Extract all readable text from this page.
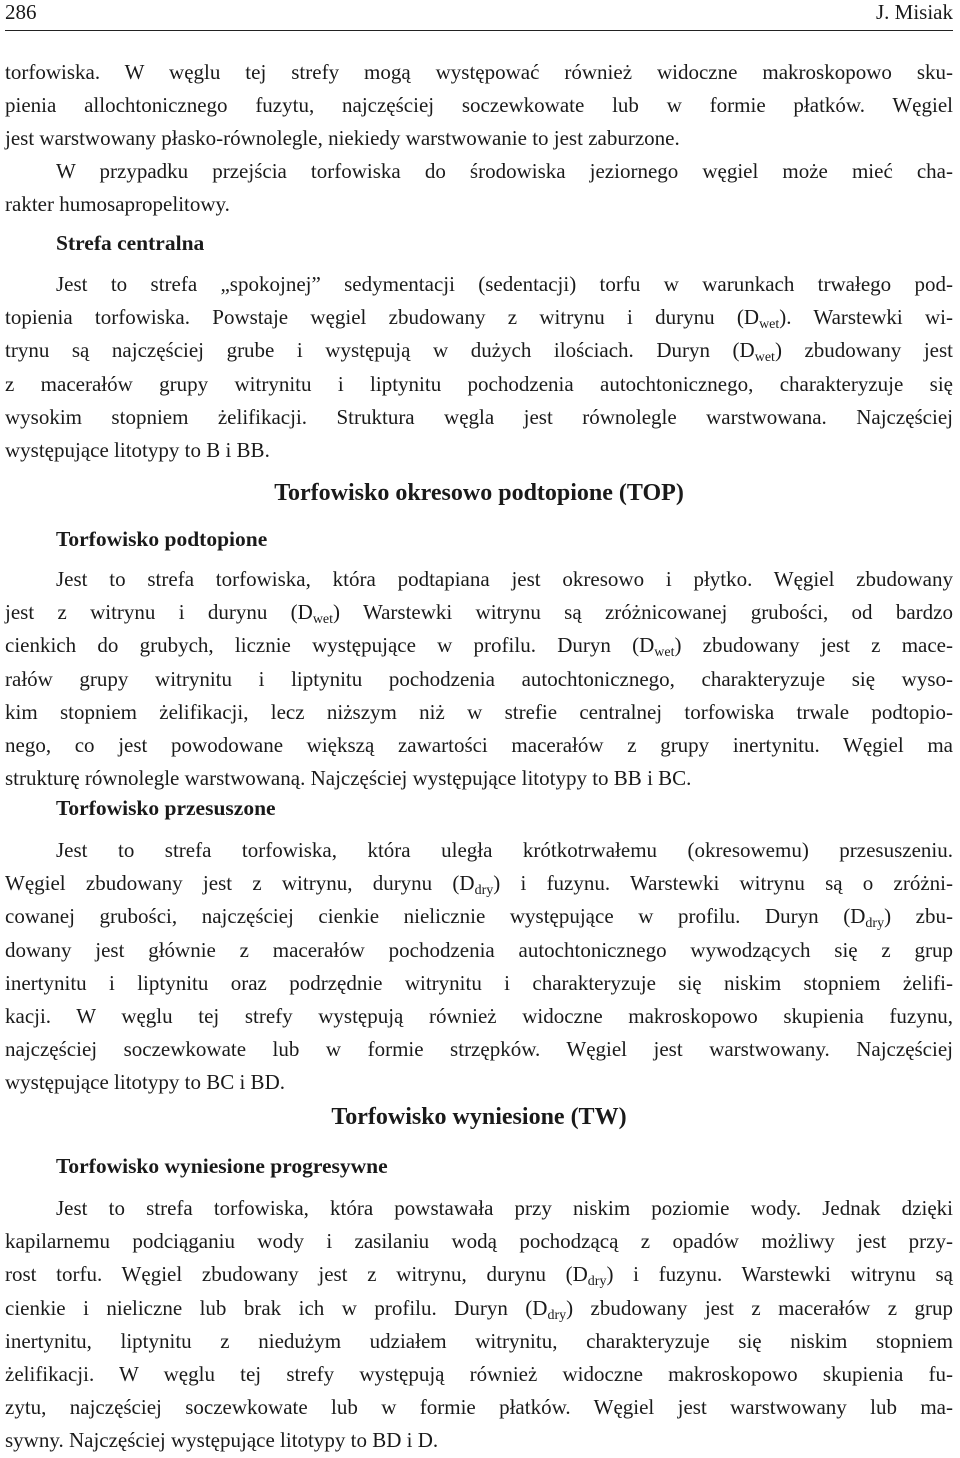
286	J. Misiak
torfowiska. W węglu tej strefy mogą występować również widoczne makroskopowo sku-
pienia allochtonicznego fuzytu, najczęściej soczewkowate lub w formie płatków. Węgiel
jest warstwowany płasko-równolegle, niekiedy warstwowanie to jest zaburzone.
W przypadku przejścia torfowiska do środowiska jeziornego węgiel może mieć cha-
rakter humosapropelitowy.

Strefa centralna

Jest to strefa „spokojnej” sedymentacji (sedentacji) torfu w warunkach trwałego pod-
topienia torfowiska. Powstaje węgiel zbudowany z witrynu i durynu $(D_{wet})$. Warstewki wi-
trynu są najczęściej grube i występują w dużych ilościach. Duryn $(D_{wet})$ zbudowany jest
z macerałów grupy witrynitu i liptynitu pochodzenia autochtonicznego, charakteryzuje się
wysokim stopniem żelifikacji. Struktura węgla jest równolegle warstwowana. Najczęściej
występujące litotypy to B i BB.

Torfowisko okresowo podtopione (TOP)

Torfowisko podtopione

Jest to strefa torfowiska, która podtapiana jest okresowo i płytko. Węgiel zbudowany
jest z witrynu i durynu $(D_{wet})$ Warstewki witrynu są zróżnicowanej grubości, od bardzo
cienkich do grubych, licznie występujące w profilu. Duryn $(D_{wet})$ zbudowany jest z mace-
rałów grupy witrynitu i liptynitu pochodzenia autochtonicznego, charakteryzuje się wyso-
kim stopniem żelifikacji, lecz niższym niż w strefie centralnej torfowiska trwale podtopio-
nego, co jest powodowane większą zawartości macerałów z grupy inertynitu. Węgiel ma
strukturę równolegle warstwowaną. Najczęściej występujące litotypy to BB i BC.

Torfowisko przesuszone

Jest to strefa torfowiska, która uległa krótkotrwałemu (okresowemu) przesuszeniu.
Węgiel zbudowany jest z witrynu, durynu $(D_{dry})$ i fuzynu. Warstewki witrynu są o zróżni-
cowanej grubości, najczęściej cienkie nielicznie występujące w profilu. Duryn $(D_{dry})$ zbu-
dowany jest głównie z macerałów pochodzenia autochtonicznego wywodzących się z grup
inertynitu i liptynitu oraz podrzędnie witrynitu i charakteryzuje się niskim stopniem żelifi-
kacji. W węglu tej strefy występują również widoczne makroskopowo skupienia fuzynu,
najczęściej soczewkowate lub w formie strzępków. Węgiel jest warstwowany. Najczęściej
występujące litotypy to BC i BD.

Torfowisko wyniesione (TW)

Torfowisko wyniesione progresywne

Jest to strefa torfowiska, która powstawała przy niskim poziomie wody. Jednak dzięki
kapilarnemu podciąganiu wody i zasilaniu wodą pochodzącą z opadów możliwy jest przy-
rost torfu. Węgiel zbudowany jest z witrynu, durynu $(D_{dry})$ i fuzynu. Warstewki witrynu są
cienkie i nieliczne lub brak ich w profilu. Duryn $(D_{dry})$ zbudowany jest z macerałów z grup
inertynitu, liptynitu z niedużym udziałem witrynitu, charakteryzuje się niskim stopniem
żelifikacji. W węglu tej strefy występują również widoczne makroskopowo skupienia fu-
zytu, najczęściej soczewkowate lub w formie płatków. Węgiel jest warstwowany lub ma-
sywny. Najczęściej występujące litotypy to BD i D.
